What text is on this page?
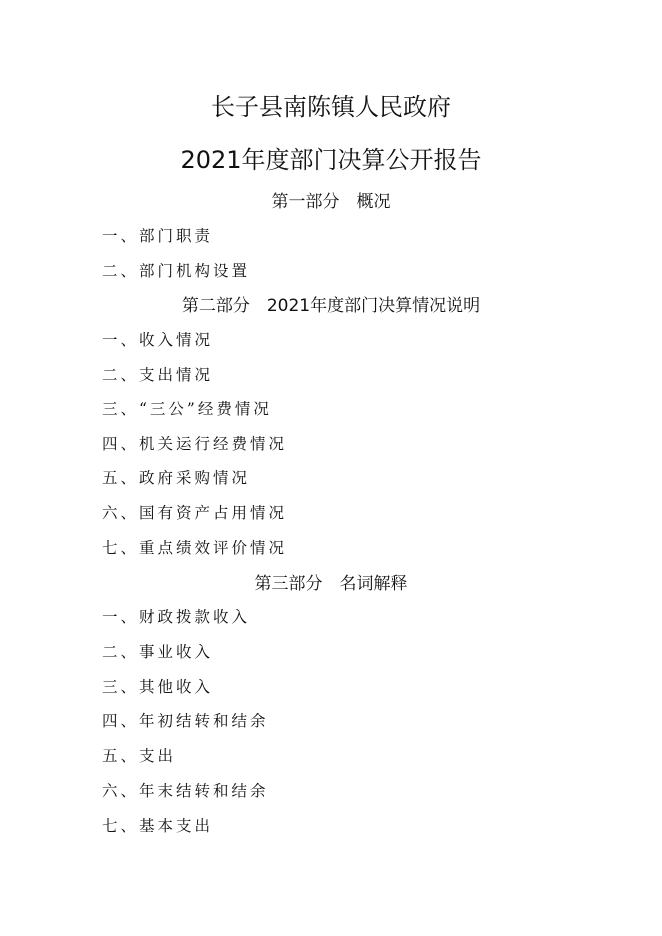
长子县南陈镇人民政府
2021年度部门决算公开报告
第一部分　概况
一、部门职责
二、部门机构设置
第二部分　2021年度部门决算情况说明
一、收入情况
二、支出情况
三、“三公”经费情况
四、机关运行经费情况
五、政府采购情况
六、国有资产占用情况
七、重点绩效评价情况
第三部分　名词解释
一、财政拨款收入
二、事业收入
三、其他收入
四、年初结转和结余
五、支出
六、年末结转和结余
七、基本支出
